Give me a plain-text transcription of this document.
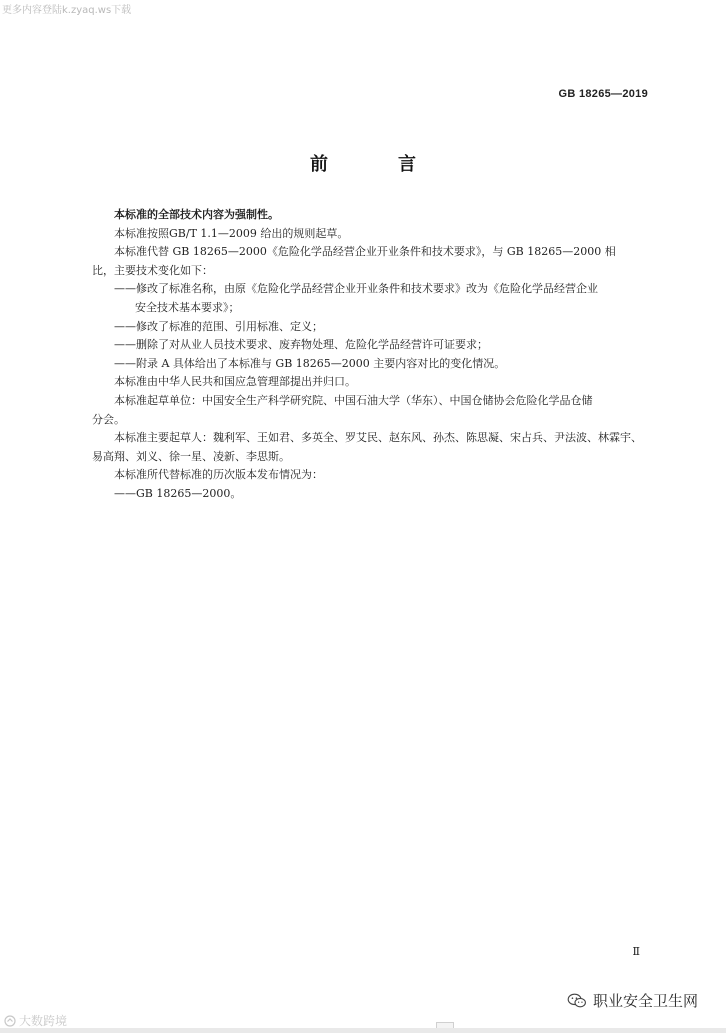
更多内容登陆k.zyaq.ws下载
GB 18265—2019
前　言

本标准的全部技术内容为强制性。

本标准按照GB/T 1.1—2009 给出的规则起草。

本标准代替 GB 18265—2000《危险化学品经营企业开业条件和技术要求》，与 GB 18265—2000 相

比，主要技术变化如下：

——修改了标准名称，由原《危险化学品经营企业开业条件和技术要求》改为《危险化学品经营企业

安全技术基本要求》；

——修改了标准的范围、引用标准、定义；

——删除了对从业人员技术要求、废弃物处理、危险化学品经营许可证要求；

——附录 A 具体给出了本标准与 GB 18265—2000 主要内容对比的变化情况。

本标准由中华人民共和国应急管理部提出并归口。

本标准起草单位：中国安全生产科学研究院、中国石油大学（华东）、中国仓储协会危险化学品仓储

分会。

本标准主要起草人：魏利军、王如君、多英全、罗艾民、赵东风、孙杰、陈思凝、宋占兵、尹法波、林霖宇、

易高翔、刘义、徐一星、凌新、李思斯。

本标准所代替标准的历次版本发布情况为：

——GB 18265—2000。

Ⅱ
职业安全卫生网
大数跨境
